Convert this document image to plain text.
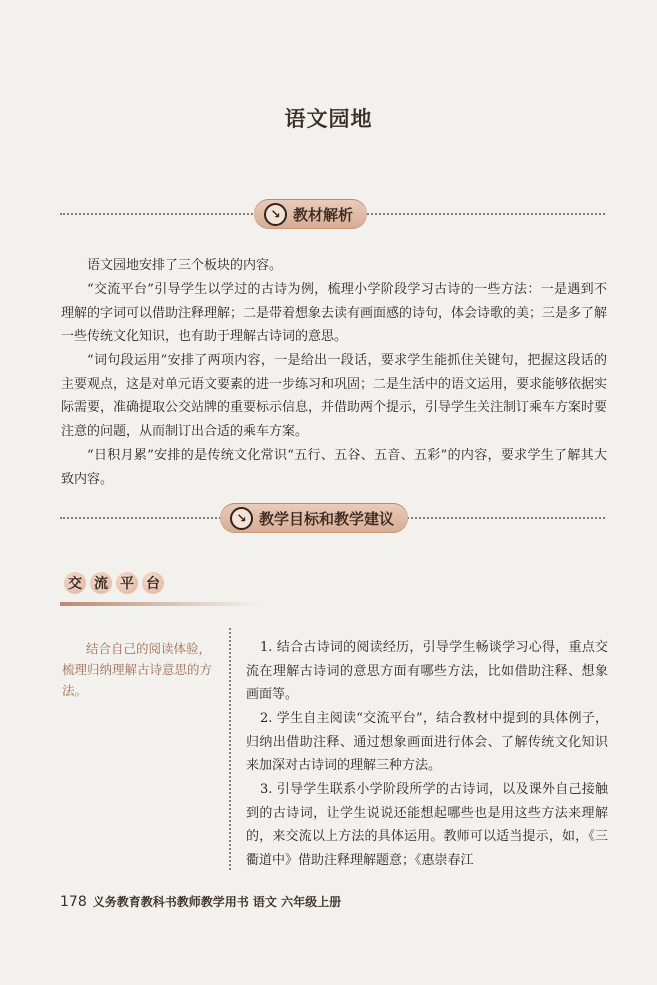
语文园地
↘ 教材解析

语文园地安排了三个板块的内容。

“交流平台”引导学生以学过的古诗为例，梳理小学阶段学习古诗的一些方法：一是遇到不理解的字词可以借助注释理解；二是带着想象去读有画面感的诗句，体会诗歌的美；三是多了解一些传统文化知识，也有助于理解古诗词的意思。

“词句段运用”安排了两项内容，一是给出一段话，要求学生能抓住关键句，把握这段话的主要观点，这是对单元语文要素的进一步练习和巩固；二是生活中的语文运用，要求能够依据实际需要，准确提取公交站牌的重要标示信息，并借助两个提示，引导学生关注制订乘车方案时要注意的问题，从而制订出合适的乘车方案。

“日积月累”安排的是传统文化常识“五行、五谷、五音、五彩”的内容，要求学生了解其大致内容。

↘ 教学目标和教学建议
交 流 平 台

结合自己的阅读体验，梳理归纳理解古诗意思的方法。

1. 结合古诗词的阅读经历，引导学生畅谈学习心得，重点交流在理解古诗词的意思方面有哪些方法，比如借助注释、想象画面等。

2. 学生自主阅读“交流平台”，结合教材中提到的具体例子，归纳出借助注释、通过想象画面进行体会、了解传统文化知识来加深对古诗词的理解三种方法。

3. 引导学生联系小学阶段所学的古诗词，以及课外自己接触到的古诗词，让学生说说还能想起哪些也是用这些方法来理解的，来交流以上方法的具体运用。教师可以适当提示，如，《三衢道中》借助注释理解题意；《惠崇春江

178 义务教育教科书教师教学用书 语文 六年级上册
